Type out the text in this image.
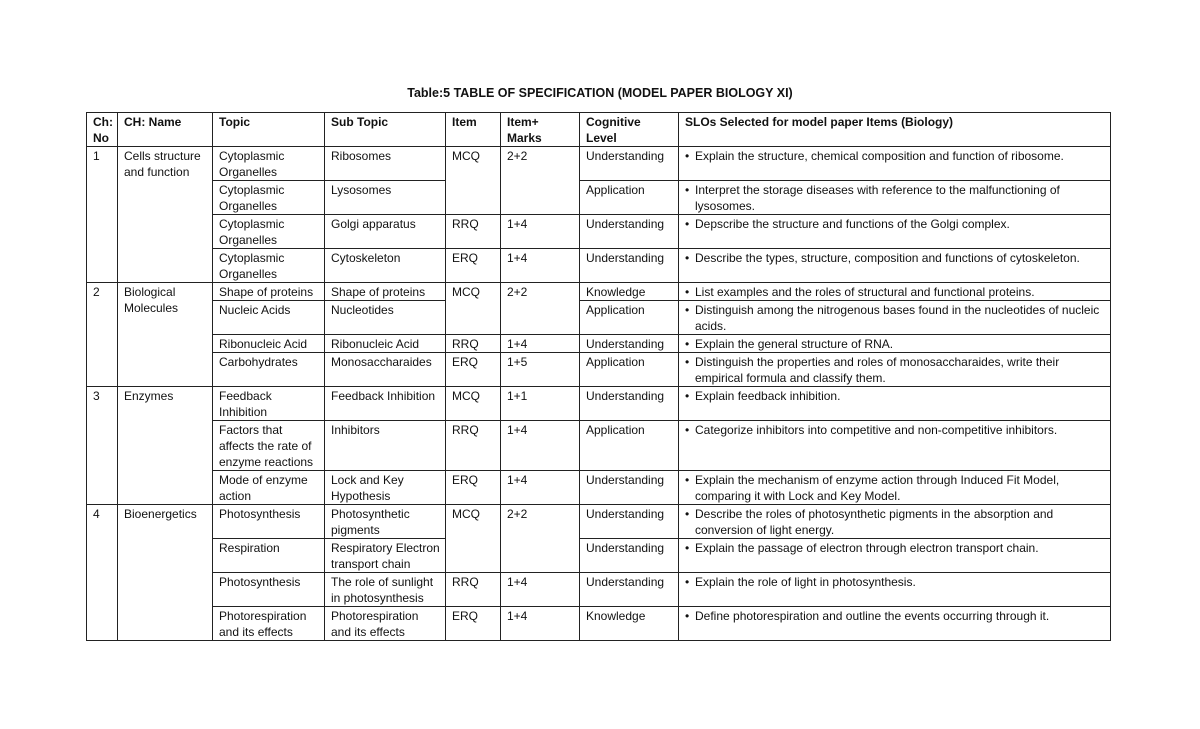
Table:5 TABLE OF SPECIFICATION (MODEL PAPER BIOLOGY XI)
Ch: No	CH: Name	Topic	Sub Topic	Item	Item+ Marks	Cognitive Level	SLOs Selected for model paper Items (Biology)
1	Cells structure and function	Cytoplasmic Organelles	Ribosomes	MCQ	2+2	Understanding	• Explain the structure, chemical composition and function of ribosome.

		Cytoplasmic Organelles	Lysosomes			Application	• Interpret the storage diseases with reference to the malfunctioning of lysosomes.

		Cytoplasmic Organelles	Golgi apparatus	RRQ	1+4	Understanding	• Depscribe the structure and functions of the Golgi complex.

		Cytoplasmic Organelles	Cytoskeleton	ERQ	1+4	Understanding	• Describe the types, structure, composition and functions of cytoskeleton.

2	Biological Molecules	Shape of proteins	Shape of proteins	MCQ	2+2	Knowledge	• List examples and the roles of structural and functional proteins.

		Nucleic Acids	Nucleotides			Application	• Distinguish among the nitrogenous bases found in the nucleotides of nucleic acids.

		Ribonucleic Acid	Ribonucleic Acid	RRQ	1+4	Understanding	• Explain the general structure of RNA.

		Carbohydrates	Monosaccharaides	ERQ	1+5	Application	• Distinguish the properties and roles of monosaccharaides, write their empirical formula and classify them.

3	Enzymes	Feedback Inhibition	Feedback Inhibition	MCQ	1+1	Understanding	• Explain feedback inhibition.

		Factors that affects the rate of enzyme reactions	Inhibitors	RRQ	1+4	Application	• Categorize inhibitors into competitive and non-competitive inhibitors.

		Mode of enzyme action	Lock and Key Hypothesis	ERQ	1+4	Understanding	• Explain the mechanism of enzyme action through Induced Fit Model, comparing it with Lock and Key Model.

4	Bioenergetics	Photosynthesis	Photosynthetic pigments	MCQ	2+2	Understanding	• Describe the roles of photosynthetic pigments in the absorption and conversion of light energy.

		Respiration	Respiratory Electron transport chain			Understanding	• Explain the passage of electron through electron transport chain.

		Photosynthesis	The role of sunlight in photosynthesis	RRQ	1+4	Understanding	• Explain the role of light in photosynthesis.

		Photorespiration and its effects	Photorespiration and its effects	ERQ	1+4	Knowledge	• Define photorespiration and outline the events occurring through it.
